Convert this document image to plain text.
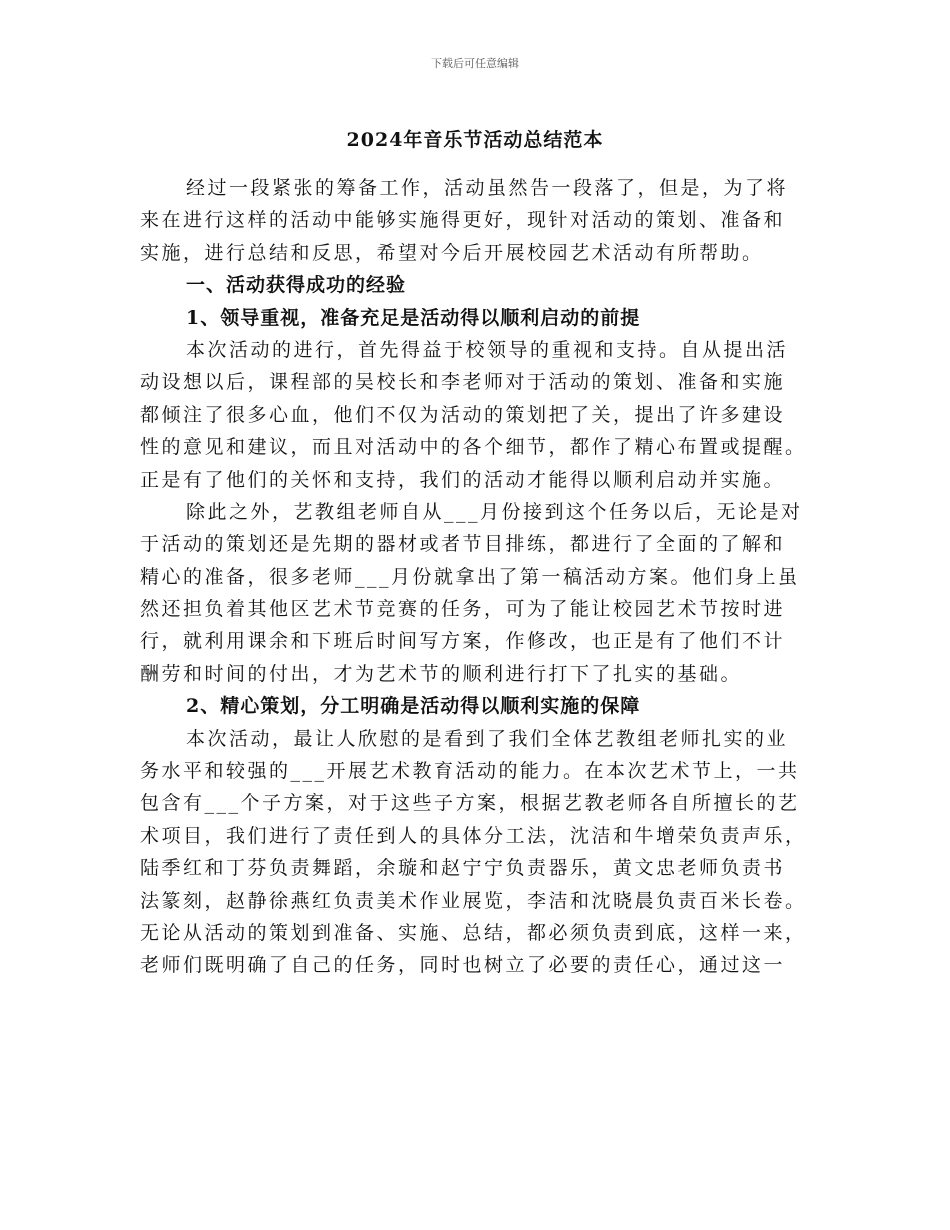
下载后可任意编辑
2024年音乐节活动总结范本
经过一段紧张的筹备工作，活动虽然告一段落了，但是，为了将
来在进行这样的活动中能够实施得更好，现针对活动的策划、准备和
实施，进行总结和反思，希望对今后开展校园艺术活动有所帮助。
一、活动获得成功的经验
1、领导重视，准备充足是活动得以顺利启动的前提
本次活动的进行，首先得益于校领导的重视和支持。自从提出活
动设想以后，课程部的吴校长和李老师对于活动的策划、准备和实施
都倾注了很多心血，他们不仅为活动的策划把了关，提出了许多建设
性的意见和建议，而且对活动中的各个细节，都作了精心布置或提醒。
正是有了他们的关怀和支持，我们的活动才能得以顺利启动并实施。
除此之外，艺教组老师自从___月份接到这个任务以后，无论是对
于活动的策划还是先期的器材或者节目排练，都进行了全面的了解和
精心的准备，很多老师___月份就拿出了第一稿活动方案。他们身上虽
然还担负着其他区艺术节竞赛的任务，可为了能让校园艺术节按时进
行，就利用课余和下班后时间写方案，作修改，也正是有了他们不计
酬劳和时间的付出，才为艺术节的顺利进行打下了扎实的基础。
2、精心策划，分工明确是活动得以顺利实施的保障
本次活动，最让人欣慰的是看到了我们全体艺教组老师扎实的业
务水平和较强的___开展艺术教育活动的能力。在本次艺术节上，一共
包含有___个子方案，对于这些子方案，根据艺教老师各自所擅长的艺
术项目，我们进行了责任到人的具体分工法，沈洁和牛增荣负责声乐，
陆季红和丁芬负责舞蹈，余璇和赵宁宁负责器乐，黄文忠老师负责书
法篆刻，赵静徐燕红负责美术作业展览，李洁和沈晓晨负责百米长卷。
无论从活动的策划到准备、实施、总结，都必须负责到底，这样一来，
老师们既明确了自己的任务，同时也树立了必要的责任心，通过这一
